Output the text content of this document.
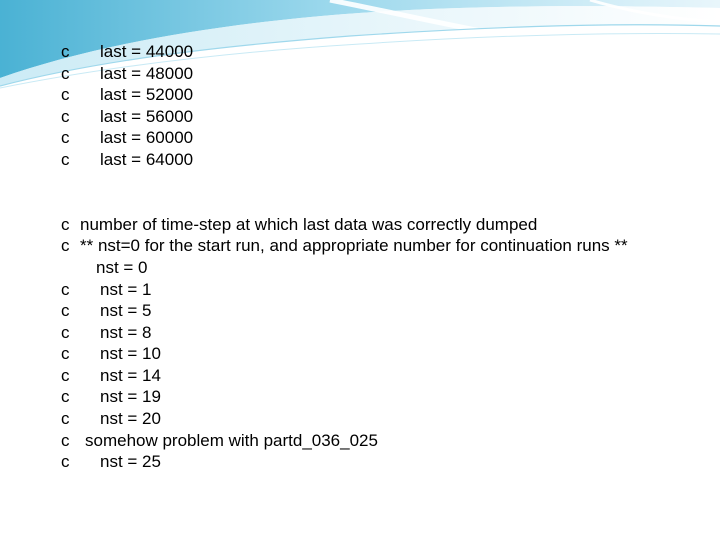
c last = 44000
c last = 48000
c last = 52000
c last = 56000
c last = 60000
c last = 64000
c number of time-step at which last data was correctly dumped
c ** nst=0 for the start run, and appropriate number for continuation runs **
nst = 0
c nst = 1
c nst = 5
c nst = 8
c nst = 10
c nst = 14
c nst = 19
c nst = 20
c somehow problem with partd_036_025
c nst = 25
